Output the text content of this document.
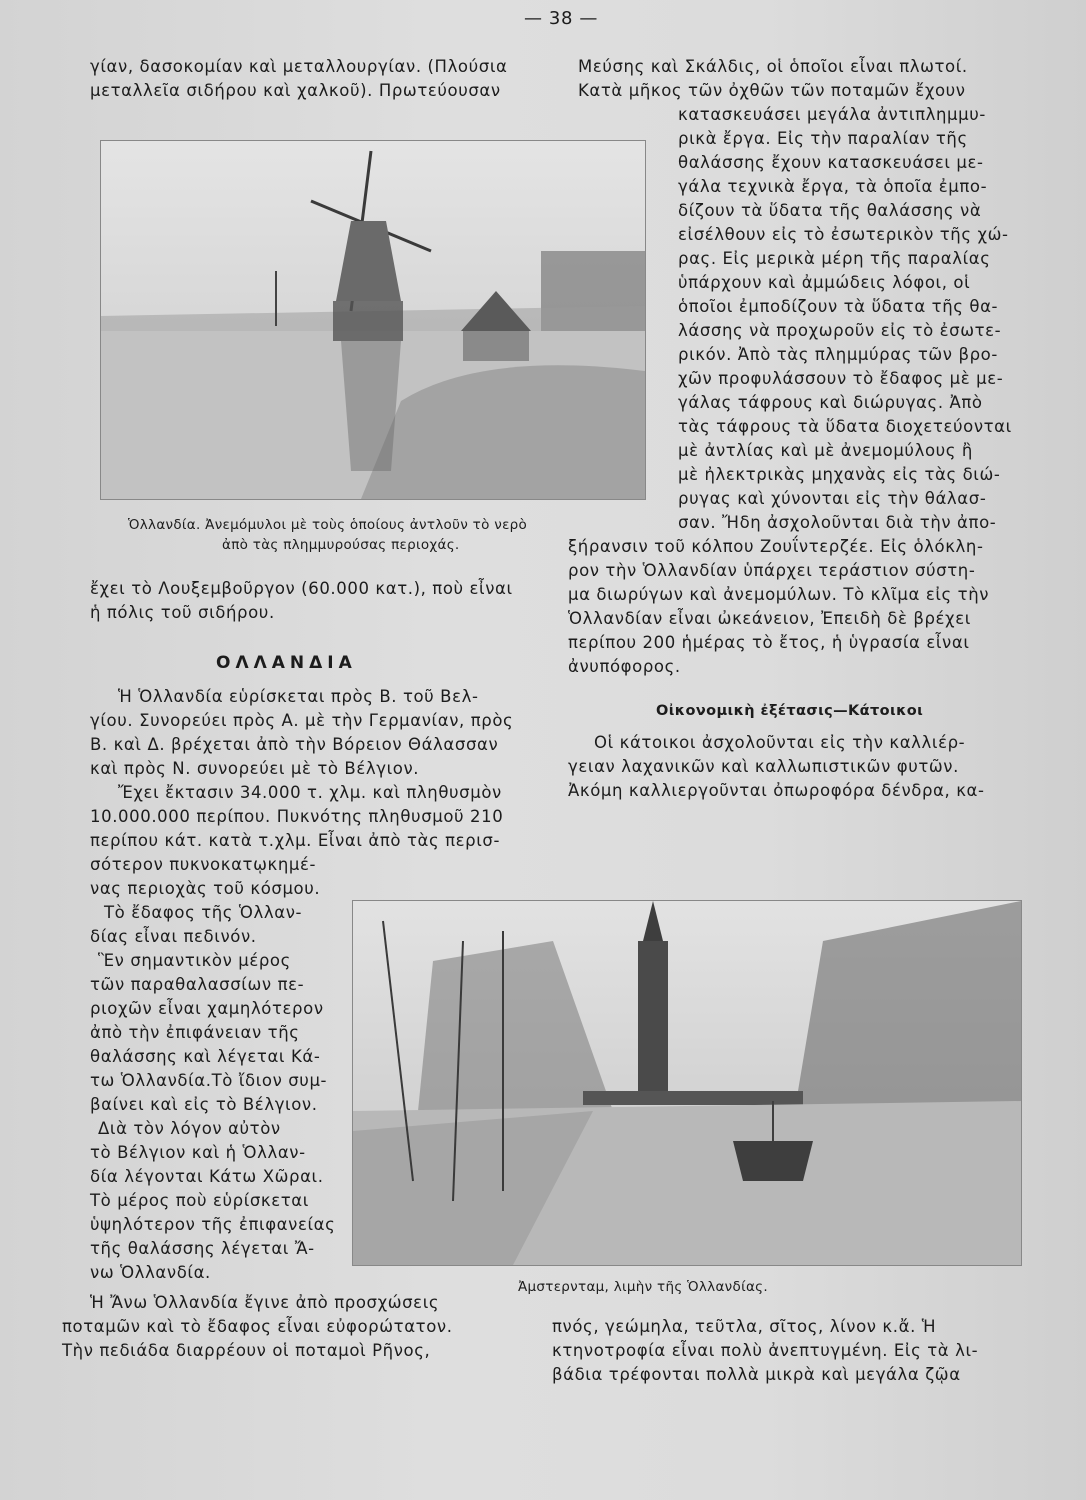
— 38 —
γίαν, δασοκομίαν καὶ μεταλλουργίαν. (Πλούσια
μεταλλεῖα σιδήρου καὶ χαλκοῦ). Πρωτεύουσαν
Ὁλλανδία. Ἀνεμόμυλοι μὲ τοὺς ὁποίους ἀντλοῦν τὸ νερὸ
ἀπὸ τὰς πλημμυρούσας περιοχάς.
ἔχει τὸ Λουξεμβοῦργον (60.000 κατ.), ποὺ εἶναι
ἡ πόλις τοῦ σιδήρου.
ΟΛΛΑΝΔΙΑ
Ἡ Ὁλλανδία εὑρίσκεται πρὸς Β. τοῦ Βελ-
γίου. Συνορεύει πρὸς Α. μὲ τὴν Γερμανίαν, πρὸς
Β. καὶ Δ. βρέχεται ἀπὸ τὴν Βόρειον Θάλασσαν
καὶ πρὸς Ν. συνορεύει μὲ τὸ Βέλγιον.
Ἔχει ἔκτασιν 34.000 τ. χλμ. καὶ πληθυσμὸν
10.000.000 περίπου. Πυκνότης πληθυσμοῦ 210
περίπου κάτ. κατὰ τ.χλμ. Εἶναι ἀπὸ τὰς περισ-
σότερον πυκνοκατῳκημέ-
νας περιοχὰς τοῦ κόσμου.
Τὸ ἔδαφος τῆς Ὁλλαν-
δίας εἶναι πεδινόν.
Ἓν σημαντικὸν μέρος
τῶν παραθαλασσίων πε-
ριοχῶν εἶναι χαμηλότερον
ἀπὸ τὴν ἐπιφάνειαν τῆς
θαλάσσης καὶ λέγεται Κά-
τω Ὁλλανδία.Τὸ ἴδιον συμ-
βαίνει καὶ εἰς τὸ Βέλγιον.
Διὰ τὸν λόγον αὐτὸν
τὸ Βέλγιον καὶ ἡ Ὁλλαν-
δία λέγονται Κάτω Χῶραι.
Τὸ μέρος ποὺ εὑρίσκεται
ὑψηλότερον τῆς ἐπιφανείας
τῆς θαλάσσης λέγεται Ἄ-
νω Ὁλλανδία.
Ἡ Ἄνω Ὁλλανδία ἔγινε ἀπὸ προσχώσεις
ποταμῶν καὶ τὸ ἔδαφος εἶναι εὐφορώτατον.
Τὴν πεδιάδα διαρρέουν οἱ ποταμοὶ Ρῆνος,
Μεύσης καὶ Σκάλδις, οἱ ὁποῖοι εἶναι πλωτοί.
Κατὰ μῆκος τῶν ὀχθῶν τῶν ποταμῶν ἔχουν
κατασκευάσει μεγάλα ἀντιπλημμυ-
ρικὰ ἔργα. Εἰς τὴν παραλίαν τῆς
θαλάσσης ἔχουν κατασκευάσει με-
γάλα τεχνικὰ ἔργα, τὰ ὁποῖα ἐμπο-
δίζουν τὰ ὕδατα τῆς θαλάσσης νὰ
εἰσέλθουν εἰς τὸ ἐσωτερικὸν τῆς χώ-
ρας. Εἰς μερικὰ μέρη τῆς παραλίας
ὑπάρχουν καὶ ἀμμώδεις λόφοι, οἱ
ὁποῖοι ἐμποδίζουν τὰ ὕδατα τῆς θα-
λάσσης νὰ προχωροῦν εἰς τὸ ἐσωτε-
ρικόν. Ἀπὸ τὰς πλημμύρας τῶν βρο-
χῶν προφυλάσσουν τὸ ἔδαφος μὲ με-
γάλας τάφρους καὶ διώρυγας. Ἀπὸ
τὰς τάφρους τὰ ὕδατα διοχετεύονται
μὲ ἀντλίας καὶ μὲ ἀνεμομύλους ἢ
μὲ ἠλεκτρικὰς μηχανὰς εἰς τὰς διώ-
ρυγας καὶ χύνονται εἰς τὴν θάλασ-
σαν. Ἤδη ἀσχολοῦνται διὰ τὴν ἀπο-
ξήρανσιν τοῦ κόλπου Ζουΐντερζέε. Εἰς ὁλόκλη-
ρον τὴν Ὁλλανδίαν ὑπάρχει τεράστιον σύστη-
μα διωρύγων καὶ ἀνεμομύλων. Τὸ κλῖμα εἰς τὴν
Ὁλλανδίαν εἶναι ὠκεάνειον, Ἐπειδὴ δὲ βρέχει
περίπου 200 ἡμέρας τὸ ἔτος, ἡ ὑγρασία εἶναι
ἀνυπόφορος.
Οἰκονομικὴ ἐξέτασις—Κάτοικοι
Οἱ κάτοικοι ἀσχολοῦνται εἰς τὴν καλλιέρ-
γειαν λαχανικῶν καὶ καλλωπιστικῶν φυτῶν.
Ἀκόμη καλλιεργοῦνται ὀπωροφόρα δένδρα, κα-
Ἀμστερνταμ, λιμὴν τῆς Ὁλλανδίας.
πνός, γεώμηλα, τεῦτλα, σῖτος, λίνον κ.ἄ. Ἡ
κτηνοτροφία εἶναι πολὺ ἀνεπτυγμένη. Εἰς τὰ λι-
βάδια τρέφονται πολλὰ μικρὰ καὶ μεγάλα ζῷα
